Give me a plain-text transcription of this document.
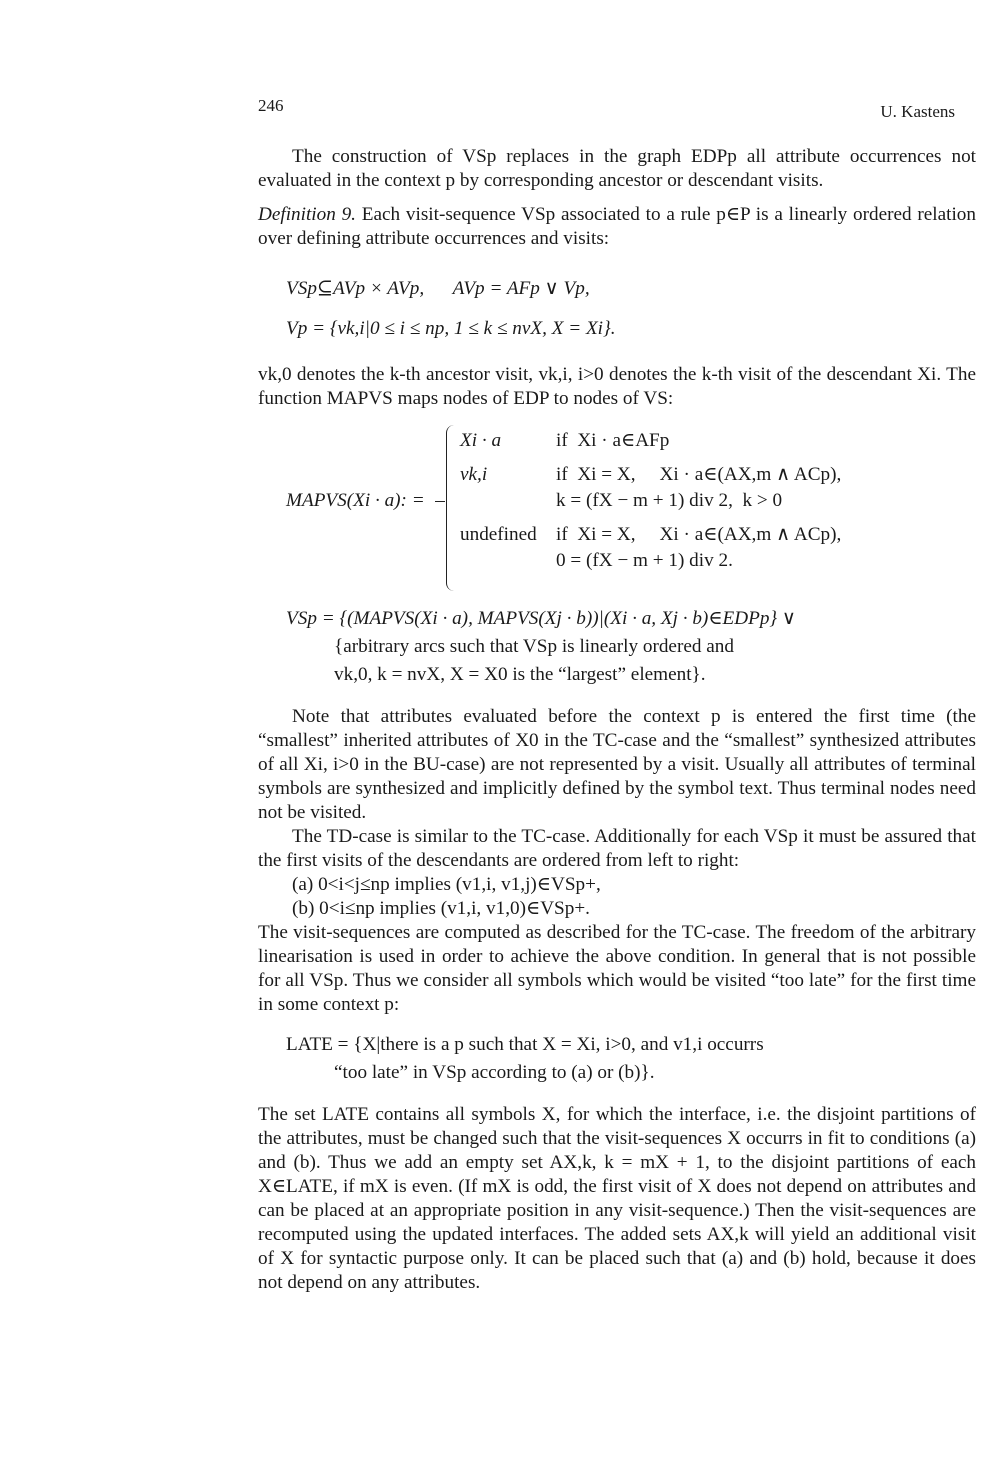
246	U. Kastens

The construction of VSp replaces in the graph EDPp all attribute occurrences not evaluated in the context p by corresponding ancestor or descendant visits.

Definition 9. Each visit-sequence VSp associated to a rule p∈P is a linearly ordered relation over defining attribute occurrences and visits:

VSp⊆AVp × AVp,      AVp = AFp ∨ Vp,
Vp = {vk,i|0 ≤ i ≤ np, 1 ≤ k ≤ nvX, X = Xi}.

vk,0 denotes the k-th ancestor visit, vk,i, i>0 denotes the k-th visit of the descendant Xi. The function MAPVS maps nodes of EDP to nodes of VS:

MAPVS(Xi · a): =
Xi · a	if  Xi · a∈AFp
vk,i	if  Xi = X,     Xi · a∈(AX,m ∧ ACp),
k = (fX − m + 1) div 2,  k > 0
undefined if  Xi = X,     Xi · a∈(AX,m ∧ ACp),
0 = (fX − m + 1) div 2.
VSp = {(MAPVS(Xi · a), MAPVS(Xj · b))|(Xi · a, Xj · b)∈EDPp} ∨
{arbitrary arcs such that VSp is linearly ordered and
vk,0, k = nvX, X = X0 is the “largest” element}.

Note that attributes evaluated before the context p is entered the first time (the “smallest” inherited attributes of X0 in the TC-case and the “smallest” synthesized attributes of all Xi, i>0 in the BU-case) are not represented by a visit. Usually all attributes of terminal symbols are synthesized and implicitly defined by the symbol text. Thus terminal nodes need not be visited.

The TD-case is similar to the TC-case. Additionally for each VSp it must be assured that the first visits of the descendants are ordered from left to right:

(a) 0<i<j≤np implies (v1,i, v1,j)∈VSp+,
(b) 0<i≤np implies (v1,i, v1,0)∈VSp+.

The visit-sequences are computed as described for the TC-case. The freedom of the arbitrary linearisation is used in order to achieve the above condition. In general that is not possible for all VSp. Thus we consider all symbols which would be visited “too late” for the first time in some context p:

LATE = {X|there is a p such that X = Xi, i>0, and v1,i occurrs
“too late” in VSp according to (a) or (b)}.

The set LATE contains all symbols X, for which the interface, i.e. the disjoint partitions of the attributes, must be changed such that the visit-sequences X occurrs in fit to conditions (a) and (b). Thus we add an empty set AX,k, k = mX + 1, to the disjoint partitions of each X∈LATE, if mX is even. (If mX is odd, the first visit of X does not depend on attributes and can be placed at an appropriate position in any visit-sequence.) Then the visit-sequences are recomputed using the updated interfaces. The added sets AX,k will yield an additional visit of X for syntactic purpose only. It can be placed such that (a) and (b) hold, because it does not depend on any attributes.
